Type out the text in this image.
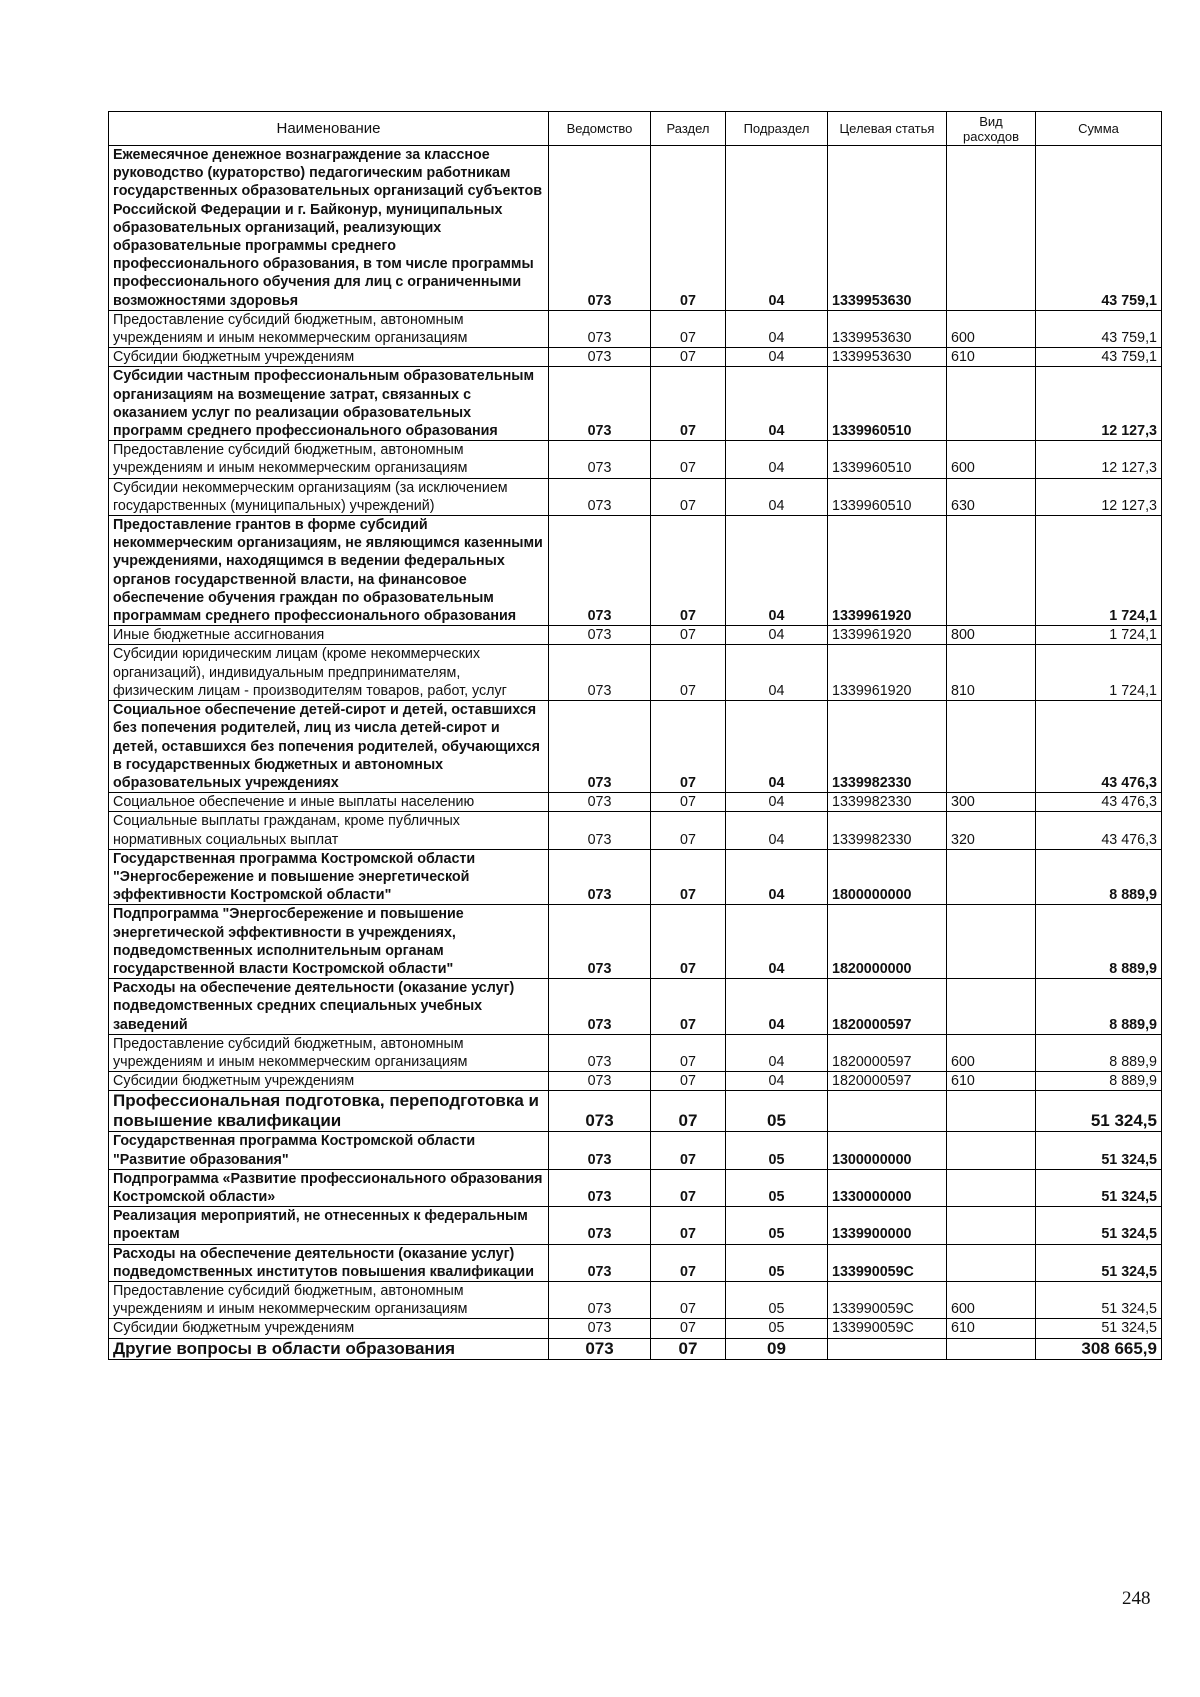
Наименование	Ведомство	Раздел	Подраздел	Целевая статья	Вид расходов	Сумма
Ежемесячное денежное вознаграждение за классное руководство (кураторство) педагогическим работникам государственных образовательных организаций субъектов Российской Федерации и г. Байконур, муниципальных образовательных организаций, реализующих образовательные программы среднего профессионального образования, в том числе программы профессионального обучения для лиц с ограниченными возможностями здоровья	073	07	04	1339953630		43 759,1
Предоставление субсидий бюджетным, автономным учреждениям и иным некоммерческим организациям	073	07	04	1339953630	600	43 759,1
Субсидии бюджетным учреждениям	073	07	04	1339953630	610	43 759,1
Субсидии частным профессиональным образовательным организациям на возмещение затрат, связанных с оказанием услуг по реализации образовательных программ среднего профессионального образования	073	07	04	1339960510		12 127,3
Предоставление субсидий бюджетным, автономным учреждениям и иным некоммерческим организациям	073	07	04	1339960510	600	12 127,3
Субсидии некоммерческим организациям (за исключением государственных (муниципальных) учреждений)	073	07	04	1339960510	630	12 127,3
Предоставление грантов в форме субсидий некоммерческим организациям, не являющимся казенными учреждениями, находящимся в ведении федеральных органов государственной власти, на финансовое обеспечение обучения граждан по образовательным программам среднего профессионального образования	073	07	04	1339961920		1 724,1
Иные бюджетные ассигнования	073	07	04	1339961920	800	1 724,1
Субсидии юридическим лицам (кроме некоммерческих организаций), индивидуальным предпринимателям, физическим лицам - производителям товаров, работ, услуг	073	07	04	1339961920	810	1 724,1
Социальное обеспечение детей-сирот и детей, оставшихся без попечения родителей, лиц из числа детей-сирот и детей, оставшихся без попечения родителей, обучающихся в государственных бюджетных и автономных образовательных учреждениях	073	07	04	1339982330		43 476,3
Социальное обеспечение и иные выплаты населению	073	07	04	1339982330	300	43 476,3
Социальные выплаты гражданам, кроме публичных нормативных социальных выплат	073	07	04	1339982330	320	43 476,3
Государственная программа Костромской области "Энергосбережение и повышение энергетической эффективности Костромской области"	073	07	04	1800000000		8 889,9
Подпрограмма "Энергосбережение и повышение энергетической эффективности в учреждениях, подведомственных исполнительным органам государственной власти Костромской области"	073	07	04	1820000000		8 889,9
Расходы на обеспечение деятельности (оказание услуг) подведомственных средних специальных учебных заведений	073	07	04	1820000597		8 889,9
Предоставление субсидий бюджетным, автономным учреждениям и иным некоммерческим организациям	073	07	04	1820000597	600	8 889,9
Субсидии бюджетным учреждениям	073	07	04	1820000597	610	8 889,9
Профессиональная подготовка, переподготовка и повышение квалификации	073	07	05			51 324,5
Государственная программа Костромской области "Развитие образования"	073	07	05	1300000000		51 324,5
Подпрограмма «Развитие профессионального образования Костромской области»	073	07	05	1330000000		51 324,5
Реализация мероприятий, не отнесенных к федеральным проектам	073	07	05	1339900000		51 324,5
Расходы на обеспечение деятельности (оказание услуг) подведомственных институтов повышения квалификации	073	07	05	133990059С		51 324,5
Предоставление субсидий бюджетным, автономным учреждениям и иным некоммерческим организациям	073	07	05	133990059С	600	51 324,5
Субсидии бюджетным учреждениям	073	07	05	133990059С	610	51 324,5
Другие вопросы в области образования	073	07	09			308 665,9
248
